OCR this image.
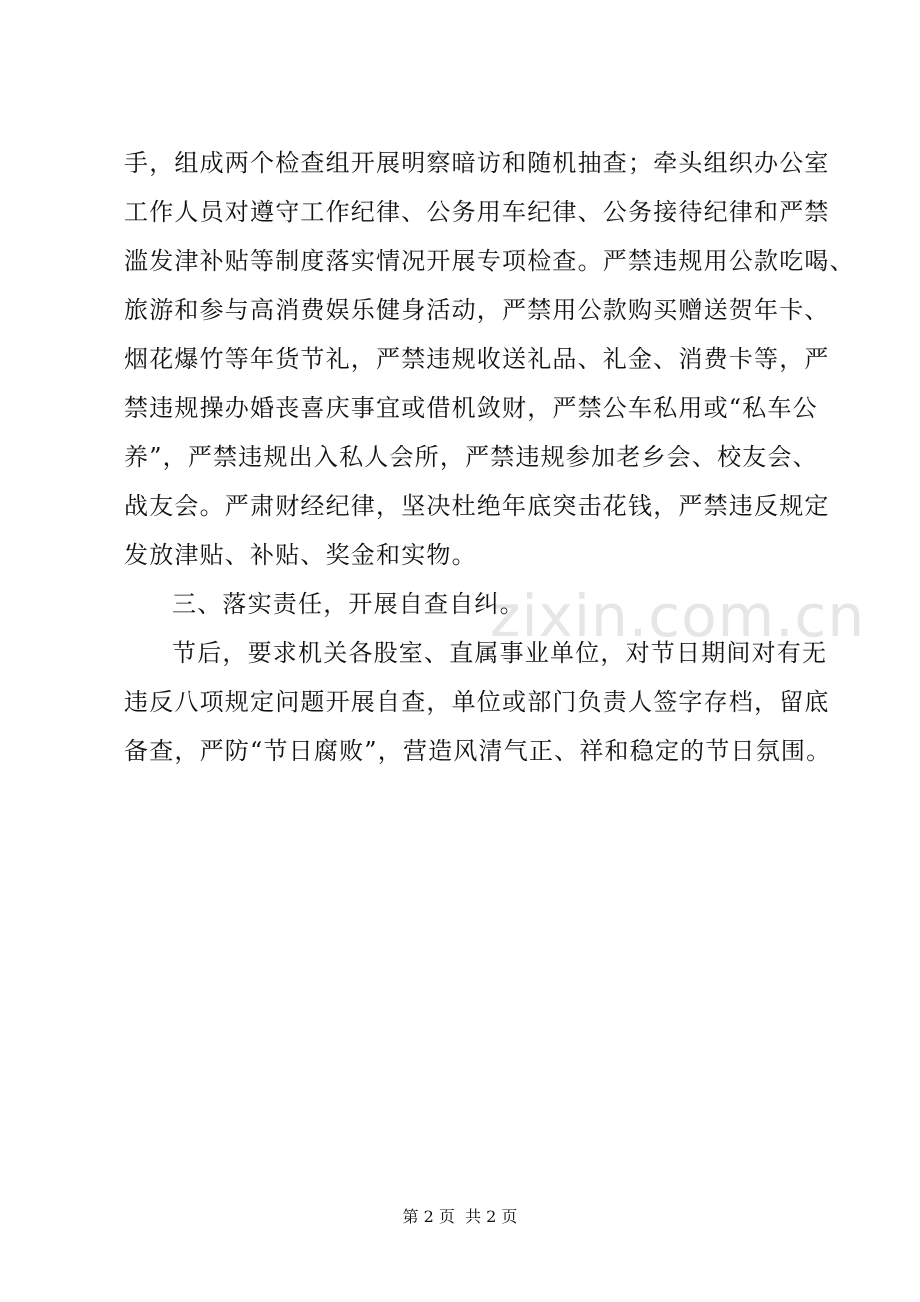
zixin.com.cn
手，组成两个检查组开展明察暗访和随机抽查；牵头组织办公室
工作人员对遵守工作纪律、公务用车纪律、公务接待纪律和严禁
滥发津补贴等制度落实情况开展专项检查。严禁违规用公款吃喝、
旅游和参与高消费娱乐健身活动，严禁用公款购买赠送贺年卡、
烟花爆竹等年货节礼，严禁违规收送礼品、礼金、消费卡等，严
禁违规操办婚丧喜庆事宜或借机敛财，严禁公车私用或“私车公
养”，严禁违规出入私人会所，严禁违规参加老乡会、校友会、
战友会。严肃财经纪律，坚决杜绝年底突击花钱，严禁违反规定
发放津贴、补贴、奖金和实物。
三、落实责任，开展自查自纠。
节后，要求机关各股室、直属事业单位，对节日期间对有无
违反八项规定问题开展自查，单位或部门负责人签字存档，留底
备查，严防“节日腐败”，营造风清气正、祥和稳定的节日氛围。
第 2 页  共 2 页
